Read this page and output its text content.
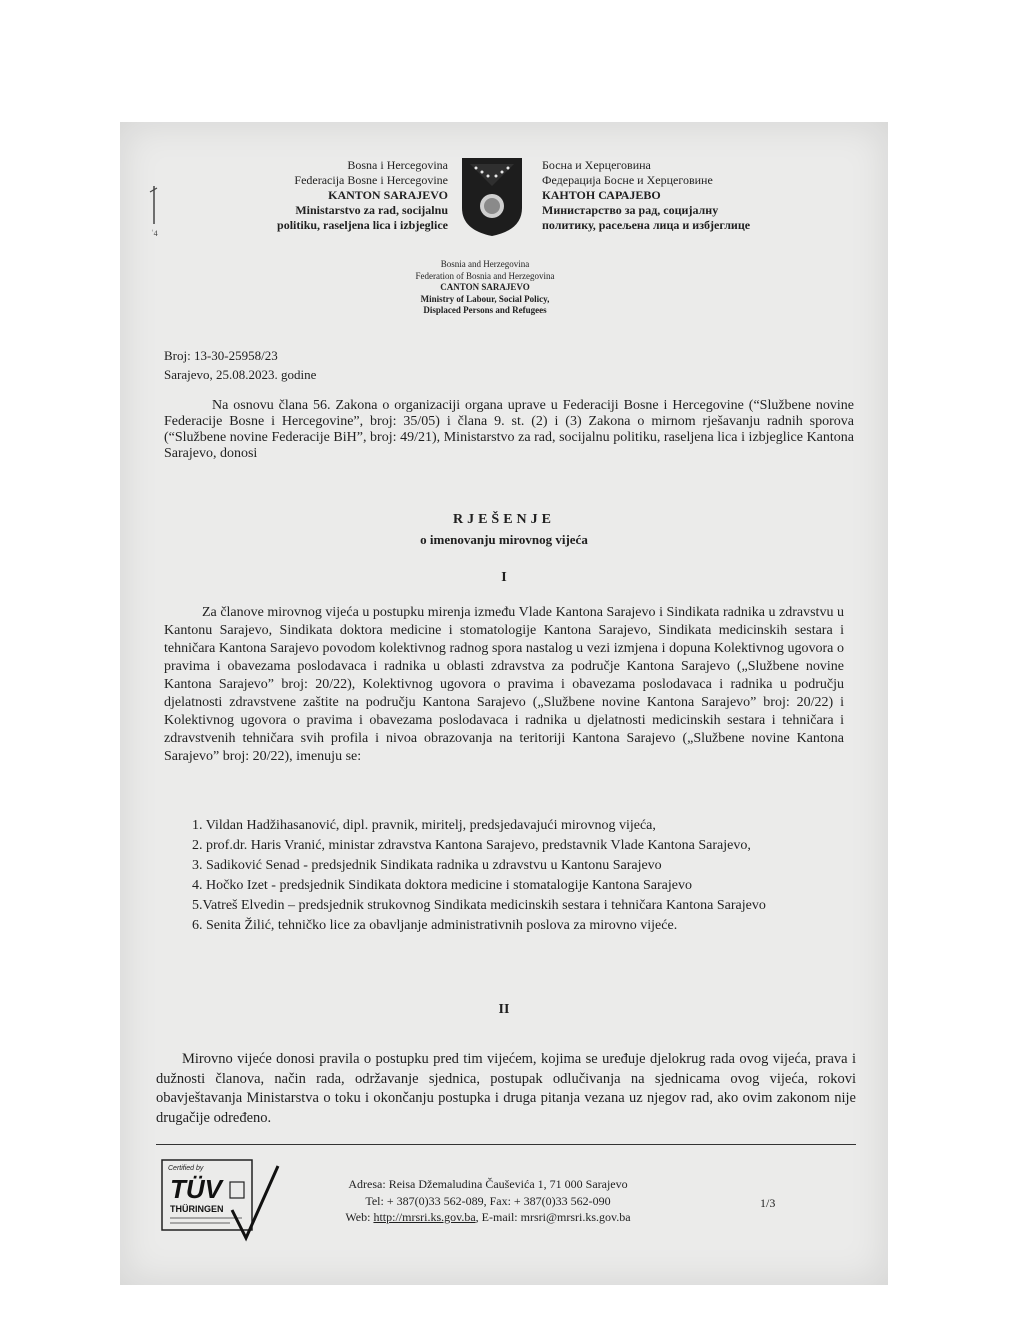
ʿ4
Bosna i Hercegovina
Federacija Bosne i Hercegovine
KANTON SARAJEVO
Ministarstvo za rad, socijalnu
politiku, raseljena lica i izbjeglice
Босна и Херцеговина
Федерација Босне и Херцеговине
КАНТОН САРАЈЕВО
Министарство за рад, социјалну
политику, расељена лица и избјеглице
Bosnia and Herzegovina
Federation of Bosnia and Herzegovina
CANTON SARAJEVO
Ministry of Labour, Social Policy,
Displaced Persons and Refugees
Broj: 13-30-25958/23
Sarajevo, 25.08.2023. godine

Na osnovu člana 56. Zakona o organizaciji organa uprave u Federaciji Bosne i Hercegovine (“Službene novine Federacije Bosne i Hercegovine”, broj: 35/05) i člana 9. st. (2) i (3) Zakona o mirnom rješavanju radnih sporova (“Službene novine Federacije BiH”, broj: 49/21), Ministarstvo za rad, socijalnu politiku, raseljena lica i izbjeglice Kantona Sarajevo, donosi

RJEŠENJE
o imenovanju mirovnog vijeća
I

Za članove mirovnog vijeća u postupku mirenja između Vlade Kantona Sarajevo i Sindikata radnika u zdravstvu u Kantonu Sarajevo, Sindikata doktora medicine i stomatologije Kantona Sarajevo, Sindikata medicinskih sestara i tehničara Kantona Sarajevo povodom kolektivnog radnog spora nastalog u vezi izmjena i dopuna Kolektivnog ugovora o pravima i obavezama poslodavaca i radnika u oblasti zdravstva za područje Kantona Sarajevo („Službene novine Kantona Sarajevo” broj: 20/22), Kolektivnog ugovora o pravima i obavezama poslodavaca i radnika u području djelatnosti zdravstvene zaštite na području Kantona Sarajevo („Službene novine Kantona Sarajevo” broj: 20/22) i Kolektivnog ugovora o pravima i obavezama poslodavaca i radnika u djelatnosti medicinskih sestara i tehničara i zdravstvenih tehničara svih profila i nivoa obrazovanja na teritoriji Kantona Sarajevo („Službene novine Kantona Sarajevo” broj: 20/22), imenuju se:

1. Vildan Hadžihasanović, dipl. pravnik, miritelj, predsjedavajući mirovnog vijeća,
2. prof.dr. Haris Vranić, ministar zdravstva Kantona Sarajevo, predstavnik Vlade Kantona Sarajevo,
3. Sadiković Senad - predsjednik Sindikata radnika u zdravstvu u Kantonu Sarajevo
4. Hočko Izet - predsjednik Sindikata doktora medicine i stomatalogije Kantona Sarajevo
5.Vatreš Elvedin – predsjednik strukovnog Sindikata medicinskih sestara i tehničara Kantona Sarajevo
6. Senita Žilić, tehničko lice za obavljanje administrativnih poslova za mirovno vijeće.
II

Mirovno vijeće donosi pravila o postupku pred tim vijećem, kojima se uređuje djelokrug rada ovog vijeća, prava i dužnosti članova, način rada, održavanje sjednica, postupak odlučivanja na sjednicama ovog vijeća, rokovi obavještavanja Ministarstva o toku i okončanju postupka i druga pitanja vezana uz njegov rad, ako ovim zakonom nije drugačije određeno.

Certified by
TÜV
THÜRINGEN
Adresa: Reisa Džemaludina Čauševića 1, 71 000 Sarajevo
Tel: + 387(0)33 562-089, Fax: + 387(0)33 562-090
Web: http://mrsri.ks.gov.ba, E-mail: mrsri@mrsri.ks.gov.ba
1/3
